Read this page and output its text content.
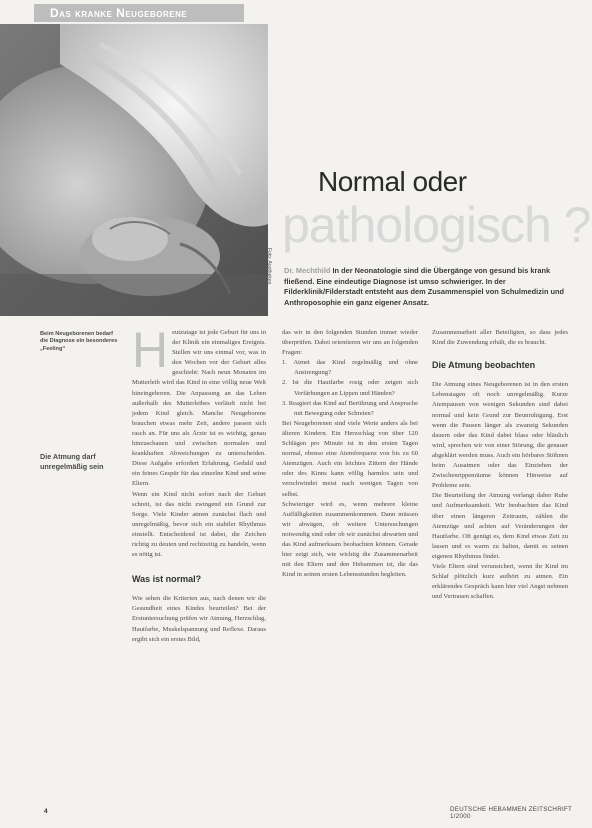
Das kranke Neugeborene
Foto: Apotheken
Normal oder
pathologisch ?
Dr. Mechthild In der Neonatologie sind die Übergänge von gesund bis krank fließend. Eine eindeutige Diagnose ist umso schwieriger. In der Filderklinik/Filderstadt entsteht aus dem Zusammenspiel von Schulmedizin und Anthroposophie ein ganz eigener Ansatz.
Beim Neugeborenen bedarf die Diagnose ein besonderes „Feeling“
Die Atmung darf unregelmäßig sein
H eutzutage ist jede Geburt für uns in der Klinik ein einmaliges Ereignis. Stellen wir uns einmal vor, was in den Wochen vor der Geburt alles geschieht: Nach neun Monaten im Mutterleib wird das Kind in eine völlig neue Welt hineingeboren. Die Anpassung an das Leben außerhalb des Mutterleibes verläuft nicht bei jedem Kind gleich. Manche Neugeborene brauchen etwas mehr Zeit, andere passen sich rasch an. Für uns als Ärzte ist es wichtig, genau hinzuschauen und zwischen normalen und krankhaften Abweichungen zu unterscheiden. Diese Aufgabe erfordert Erfahrung, Geduld und ein feines Gespür für das einzelne Kind und seine Eltern.

Wenn ein Kind nicht sofort nach der Geburt schreit, ist das nicht zwingend ein Grund zur Sorge. Viele Kinder atmen zunächst flach und unregelmäßig, bevor sich ein stabiler Rhythmus einstellt. Entscheidend ist dabei, die Zeichen richtig zu deuten und rechtzeitig zu handeln, wenn es nötig ist.

Was ist normal?

Wie sehen die Kriterien aus, nach denen wir die Gesundheit eines Kindes beurteilen? Bei der Erstuntersuchung prüfen wir Atmung, Herzschlag, Hautfarbe, Muskelspannung und Reflexe. Daraus ergibt sich ein erstes Bild,

das wir in den folgenden Stunden immer wieder überprüfen. Dabei orientieren wir uns an folgenden Fragen:

1. Atmet das Kind regelmäßig und ohne Anstrengung?
2. Ist die Hautfarbe rosig oder zeigen sich Verfärbungen an Lippen und Händen?
3. Reagiert das Kind auf Berührung und Ansprache mit Bewegung oder Schreien?

Bei Neugeborenen sind viele Werte anders als bei älteren Kindern. Ein Herzschlag von über 120 Schlägen pro Minute ist in den ersten Tagen normal, ebenso eine Atemfrequenz von bis zu 60 Atemzügen. Auch ein leichtes Zittern der Hände oder des Kinns kann völlig harmlos sein und verschwindet meist nach wenigen Tagen von selbst.

Schwieriger wird es, wenn mehrere kleine Auffälligkeiten zusammenkommen. Dann müssen wir abwägen, ob weitere Untersuchungen notwendig sind oder ob wir zunächst abwarten und das Kind aufmerksam beobachten können. Gerade hier zeigt sich, wie wichtig die Zusammenarbeit mit den Eltern und den Hebammen ist, die das Kind in seinen ersten Lebensstunden begleiten.

Zusammenarbeit aller Beteiligten, so dass jedes Kind die Zuwendung erhält, die es braucht.

Die Atmung beobachten

Die Atmung eines Neugeborenen ist in den ersten Lebenstagen oft noch unregelmäßig. Kurze Atempausen von wenigen Sekunden sind dabei normal und kein Grund zur Beunruhigung. Erst wenn die Pausen länger als zwanzig Sekunden dauern oder das Kind dabei blass oder bläulich wird, sprechen wir von einer Störung, die genauer abgeklärt werden muss. Auch ein hörbares Stöhnen beim Ausatmen oder das Einziehen der Zwischenrippenräume können Hinweise auf Probleme sein.

Die Beurteilung der Atmung verlangt daher Ruhe und Aufmerksamkeit. Wir beobachten das Kind über einen längeren Zeitraum, zählen die Atemzüge und achten auf Veränderungen der Hautfarbe. Oft genügt es, dem Kind etwas Zeit zu lassen und es warm zu halten, damit es seinen eigenen Rhythmus findet.

Viele Eltern sind verunsichert, wenn ihr Kind im Schlaf plötzlich kurz aufhört zu atmen. Ein erklärendes Gespräch kann hier viel Angst nehmen und Vertrauen schaffen.

4	DEUTSCHE HEBAMMEN ZEITSCHRIFT 1/2000
